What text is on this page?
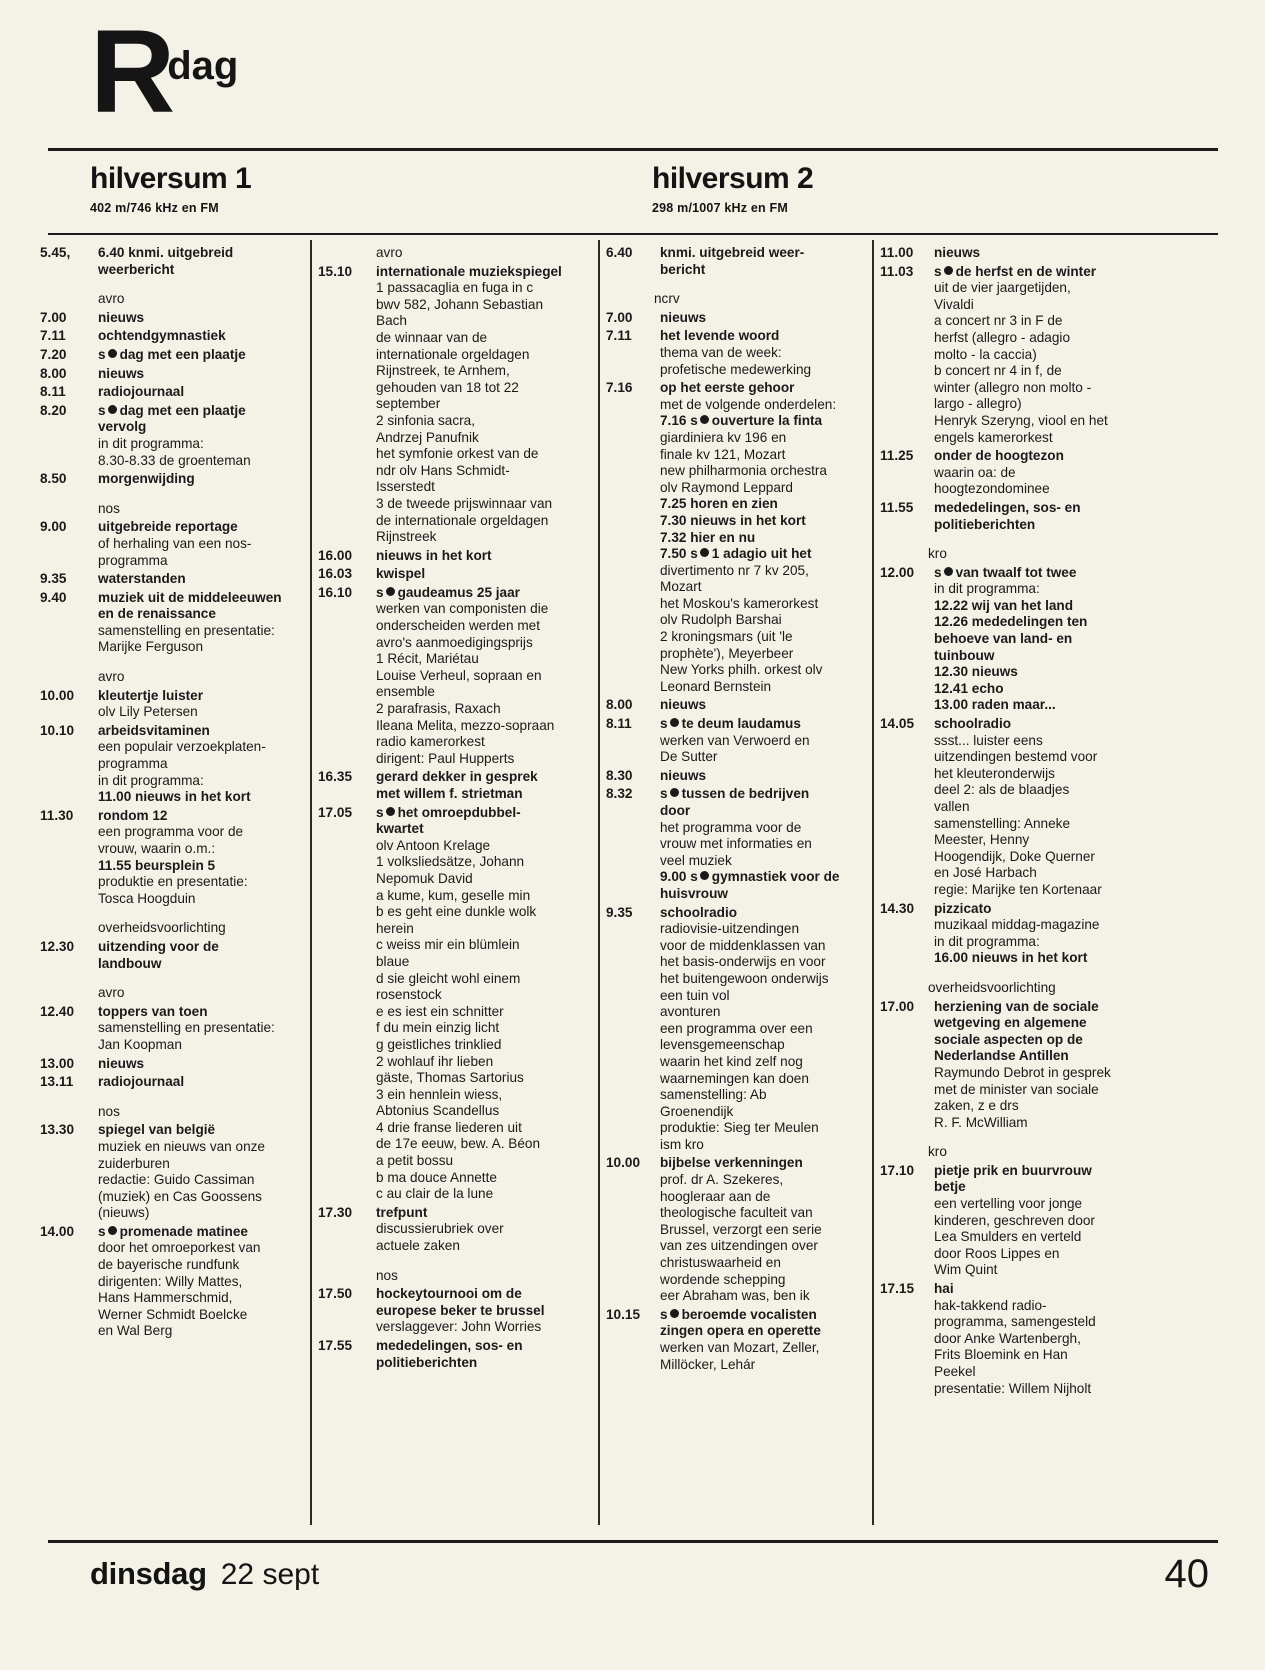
Rdag
hilversum 1
402 m/746 kHz en FM
hilversum 2
298 m/1007 kHz en FM
5.45,	6.40 knmi. uitgebreid
weerbericht
avro
7.00	nieuws
7.11	ochtendgymnastiek
7.20	s dag met een plaatje
8.00	nieuws
8.11	radiojournaal
8.20	s dag met een plaatje
vervolg
in dit programma:
8.30-8.33 de groenteman
8.50	morgenwijding
nos
9.00	uitgebreide reportage
of herhaling van een nos-
programma
9.35	waterstanden
9.40	muziek uit de middeleeuwen
en de renaissance
samenstelling en presentatie:
Marijke Ferguson
avro
10.00	kleutertje luister
olv Lily Petersen
10.10	arbeidsvitaminen
een populair verzoekplaten-
programma
in dit programma:
11.00 nieuws in het kort
11.30	rondom 12
een programma voor de
vrouw, waarin o.m.:
11.55 beursplein 5
produktie en presentatie:
Tosca Hoogduin
overheidsvoorlichting
12.30	uitzending voor de
landbouw
avro
12.40	toppers van toen
samenstelling en presentatie:
Jan Koopman
13.00	nieuws
13.11	radiojournaal
nos
13.30	spiegel van belgië
muziek en nieuws van onze
zuiderburen
redactie: Guido Cassiman
(muziek) en Cas Goossens
(nieuws)
14.00	s promenade matinee
door het omroeporkest van
de bayerische rundfunk
dirigenten: Willy Mattes,
Hans Hammerschmid,
Werner Schmidt Boelcke
en Wal Berg
avro
15.10	internationale muziekspiegel
1 passacaglia en fuga in c
bwv 582, Johann Sebastian
Bach
de winnaar van de
internationale orgeldagen
Rijnstreek, te Arnhem,
gehouden van 18 tot 22
september
2 sinfonia sacra,
Andrzej Panufnik
het symfonie orkest van de
ndr olv Hans Schmidt-
Isserstedt
3 de tweede prijswinnaar van
de internationale orgeldagen
Rijnstreek
16.00	nieuws in het kort
16.03	kwispel
16.10	s gaudeamus 25 jaar
werken van componisten die
onderscheiden werden met
avro's aanmoedigingsprijs
1 Récit, Mariétau
Louise Verheul, sopraan en
ensemble
2 parafrasis, Raxach
Ileana Melita, mezzo-sopraan
radio kamerorkest
dirigent: Paul Hupperts
16.35	gerard dekker in gesprek
met willem f. strietman
17.05	s het omroepdubbel-
kwartet
olv Antoon Krelage
1 volksliedsätze, Johann
Nepomuk David
a kume, kum, geselle min
b es geht eine dunkle wolk
herein
c weiss mir ein blümlein
blaue
d sie gleicht wohl einem
rosenstock
e es iest ein schnitter
f du mein einzig licht
g geistliches trinklied
2 wohlauf ihr lieben
gäste, Thomas Sartorius
3 ein hennlein wiess,
Abtonius Scandellus
4 drie franse liederen uit
de 17e eeuw, bew. A. Béon
a petit bossu
b ma douce Annette
c au clair de la lune
17.30	trefpunt
discussierubriek over
actuele zaken
nos
17.50	hockeytournooi om de
europese beker te brussel
verslaggever: John Worries
17.55	mededelingen, sos- en
politieberichten
6.40	knmi. uitgebreid weer-
bericht
ncrv
7.00	nieuws
7.11	het levende woord
thema van de week:
profetische medewerking
7.16	op het eerste gehoor
met de volgende onderdelen:
7.16 s ouverture la finta
giardiniera kv 196 en
finale kv 121, Mozart
new philharmonia orchestra
olv Raymond Leppard
7.25 horen en zien
7.30 nieuws in het kort
7.32 hier en nu
7.50 s 1 adagio uit het
divertimento nr 7 kv 205,
Mozart
het Moskou's kamerorkest
olv Rudolph Barshai
2 kroningsmars (uit 'le
prophète'), Meyerbeer
New Yorks philh. orkest olv
Leonard Bernstein
8.00	nieuws
8.11	s te deum laudamus
werken van Verwoerd en
De Sutter
8.30	nieuws
8.32	s tussen de bedrijven
door
het programma voor de
vrouw met informaties en
veel muziek
9.00 s gymnastiek voor de
huisvrouw
9.35	schoolradio
radiovisie-uitzendingen
voor de middenklassen van
het basis-onderwijs en voor
het buitengewoon onderwijs
een tuin vol
avonturen
een programma over een
levensgemeenschap
waarin het kind zelf nog
waarnemingen kan doen
samenstelling: Ab
Groenendijk
produktie: Sieg ter Meulen
ism kro
10.00	bijbelse verkenningen
prof. dr A. Szekeres,
hoogleraar aan de
theologische faculteit van
Brussel, verzorgt een serie
van zes uitzendingen over
christuswaarheid en
wordende schepping
eer Abraham was, ben ik
10.15	s beroemde vocalisten
zingen opera en operette
werken van Mozart, Zeller,
Millöcker, Lehár
11.00	nieuws
11.03	s de herfst en de winter
uit de vier jaargetijden,
Vivaldi
a concert nr 3 in F de
herfst (allegro - adagio
molto - la caccia)
b concert nr 4 in f, de
winter (allegro non molto -
largo - allegro)
Henryk Szeryng, viool en het
engels kamerorkest
11.25	onder de hoogtezon
waarin oa: de
hoogtezondominee
11.55	mededelingen, sos- en
politieberichten
kro
12.00	s van twaalf tot twee
in dit programma:
12.22 wij van het land
12.26 mededelingen ten
behoeve van land- en
tuinbouw
12.30 nieuws
12.41 echo
13.00 raden maar...
14.05	schoolradio
ssst... luister eens
uitzendingen bestemd voor
het kleuteronderwijs
deel 2: als de blaadjes
vallen
samenstelling: Anneke
Meester, Henny
Hoogendijk, Doke Querner
en José Harbach
regie: Marijke ten Kortenaar
14.30	pizzicato
muzikaal middag-magazine
in dit programma:
16.00 nieuws in het kort
overheidsvoorlichting
17.00	herziening van de sociale
wetgeving en algemene
sociale aspecten op de
Nederlandse Antillen
Raymundo Debrot in gesprek
met de minister van sociale
zaken, z e drs
R. F. McWilliam
kro
17.10	pietje prik en buurvrouw
betje
een vertelling voor jonge
kinderen, geschreven door
Lea Smulders en verteld
door Roos Lippes en
Wim Quint
17.15	hai
hak-takkend radio-
programma, samengesteld
door Anke Wartenbergh,
Frits Bloemink en Han
Peekel
presentatie: Willem Nijholt
dinsdag 22 sept	40
